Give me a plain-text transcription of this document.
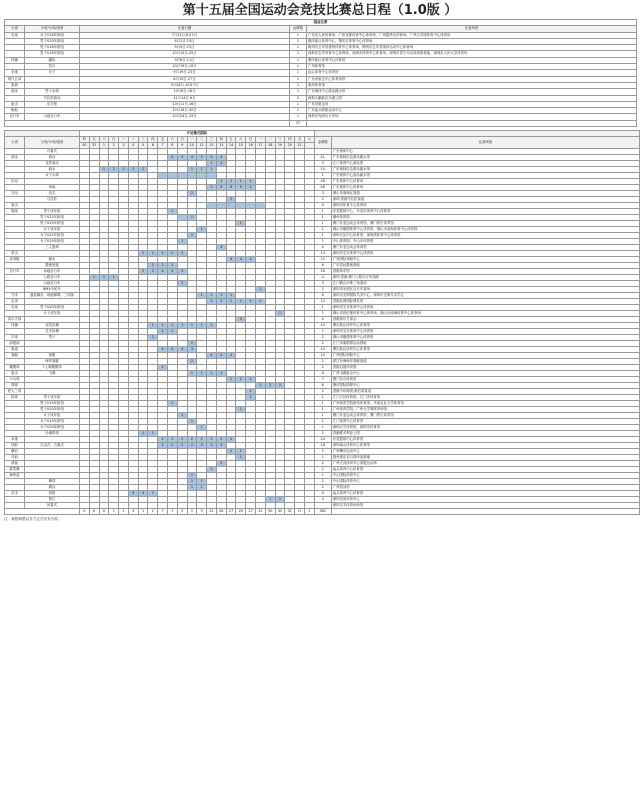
第十五届全国运动会竞技比赛总日程（1.0版 ）
提前比赛				
大项	分项/小项/组别	比赛日期	金牌数	比赛场馆
足球	女子U18年龄组	7月15日-8月1日	1	广东省人民体育场、广州花都体育中心体育场、广州越秀山体育场、广州大学城体育中心体育场
	男子U20年龄组	8月2日-15日	1	肇庆新区体育中心、肇庆市体育中心体育场
	男子U18年龄组	9月4日-15日	1	梅州市五华县惠州体育中心体育场、梅州市五华县奥体运动中心体育场
	男子U16年龄组	10月14日-25日	1	深圳市宝安体育中心体育场、深圳市体育中心体育场、深圳市青少年足球训练基地、深圳市人民大学体育场
体操	蹦床	9月8日-11日	1	肇庆新区体育中心体育馆
	技巧	10月16日-19日	1	广州体育馆
举重	女子	9月19日-23日	1	汕头体育中心体育馆
现代五项		8月19日-27日	1	广东省射击中心体育场馆
射箭		9月28日-10月7日	1	惠州体育馆
游泳	男子水球	10月6日-18日	1	广东奥体中心游泳跳水馆
	马拉松游泳	11月14日-6日	2	深圳大鹏新区东湖公园
射击	步手枪	10月11日-16日	1	广东省射击场
帆船		10月16日-30日	1	广东汕头帆船运动中心
自行车	山地自行车	10月24日-25日	1	深圳市光明自行车场
			37	
		开闭幕式期间																									
大项	分项/小项/组别	四	五	六	日	一	二	三	四	五	六	日	一	二	三	四	五	六	日	一	二	三	四	五	六	金牌数	比赛场馆
		30	31	1	2	3	4	5	6	7	8	9	10	11	12	13	14	15	16	17	18	19	20	21			
	开幕式																										广东奥体中心
游泳	游泳										4	5	4	5	5	4										41	广东奥林匹克游泳跳水馆
	花样游泳														1	1										3	江门体育中心游泳馆
	跳水			1	2	2	2	2					1	1	1											14	广东奥林匹克游泳跳水馆
	女子水球																									1	广东奥体中心游泳跳水馆
田径																1	1	1	1							48	广东奥体中心体育场
	场地														2	6	6	9	2							48	广东奥体中心体育场
羽毛	竞走												2													3	佛山市南海区赛道
	马拉松																2									2	深圳·香港马拉松赛道
射击																										9	深圳市体育中心体育场
篮球	男子成年组										1															1	东莞篮球中心、东莞市体育中心体育馆
	男子U22年龄组												1													1	潮州体育馆
	男子U19年龄组																	1								1	澳门东亚运动会体育馆、澳门塔石体育馆
	女子成年组													1												1	佛山市顺德体育中心体育馆、佛山市南海体育中心体育馆
	女子U22年龄组												1													1	深圳大运中心体育馆、深圳湾体育中心体育馆
	女子U19年龄组											1														1	中山体育馆、中山市体育馆
	三人篮球															4										4	澳门东亚运动会体育馆
拳击								2	2	2	2	2														13	深圳市宝安体育中心体育馆
皮划艇	静水																4	4	4							12	广州国际划船中心
	激流回旋								2	2	2															6	广东清远激流基地
自行车	场地自行车							2	3	4	4	3														16	香港单车馆
	公路自行车		2	1	1																					4	深圳·香港·澳门公路自行车线路
	山地自行车											2														3	江门鹤山市珠三角赛场
	BMX小轮车																			2						2	深圳市光明区自行车赛场
马术	盛装舞步、场地障碍、三项赛													1	1	1	1									6	深圳市光明国际马术中心、深圳市光明马术学会
击剑															2	2	2	2	2	2						12	香港亚洲国际博览馆
足球	男子U20年龄组																									1	深圳市宝安体育中心体育场
	女子成年组																					1				1	佛山市世纪莲体育中心体育场、佛山市南海体育中心体育场
高尔夫球																		4								4	香港高尔夫球会
体操	竞技体操								1	1	1	1	1	1	1											15	肇庆新区体育中心体育馆
	艺术体操									1	1															2	深圳市宝安体育中心体育馆
手球	男子								2																	2	佛山市顺德体育中心体育馆
曲棍球													2													2	江门市曲棍球运动基地
柔道										4	4	4	3													15	肇庆新区体育中心体育馆
赛艇	赛艇														4	4	4									12	广州国际划船中心
	海岸赛艇												2													2	浙江东海海岸赛艇赛道
橄榄球	7人制橄榄球									2																2	香港启德体育园
射击	飞碟												1	1	1	1										6	广州飞碟射击中心
乒乓球																	2	2	2							7	澳门综合体育馆
网球																				2	2	2				6	肇庆国际网球中心
铁人三项																			2							2	香港中环海滨·港岛湾赛道
排球	男子成年组																		1							1	江门白沙体育馆、江门市体育馆
	男子U19年龄组										1															1	广州体育学院新馆体育馆、华南农业大学体育馆
	男子U20年龄组																	1								1	广州体育学院、广州大学城体育场馆
	女子成年组											1														1	澳门东亚运动会体育馆、澳门塔石体育馆
	女子U19年龄组												1													1	江门体育中心体育馆
	女子U20年龄组													1												1	深圳大学体育馆、深圳市体育馆
	沙滩排球							1	1																	2	香港维多利亚公园
举重										2	2	2	2	2	2	2	3									20	东莞篮球中心体育馆
摔跤	自由式、古典式									2	2	2	2	3	3	3										18	深圳南山体育中心体育馆
攀岩																	1	1								2	广州攀岩运动中心
冲浪																		1								1	惠州惠东双月湾冲浪基地
滑板																2										2	广州天河体育中心滑板运动场
霹雳舞															2											2	汕头体育中心体育馆
跆拳道													1													1	中山国际体育中心
	橡球												1	1												2	中山国际体育中心
	蹼泳												1	1												2	广州游泳馆
武术	套路						3	4	2																	9	汕头体育中心体育馆
	散打																				1	1				3	深圳龙岗体育中心
	闭幕式																										深圳宝安体育场场馆
		0	0	0	1	1	3	1	2	7	7	5	1	9	22	26	27	29	27	31	30	35	31	17	1	362	
注：赛程调整以官方正式发布为准。
